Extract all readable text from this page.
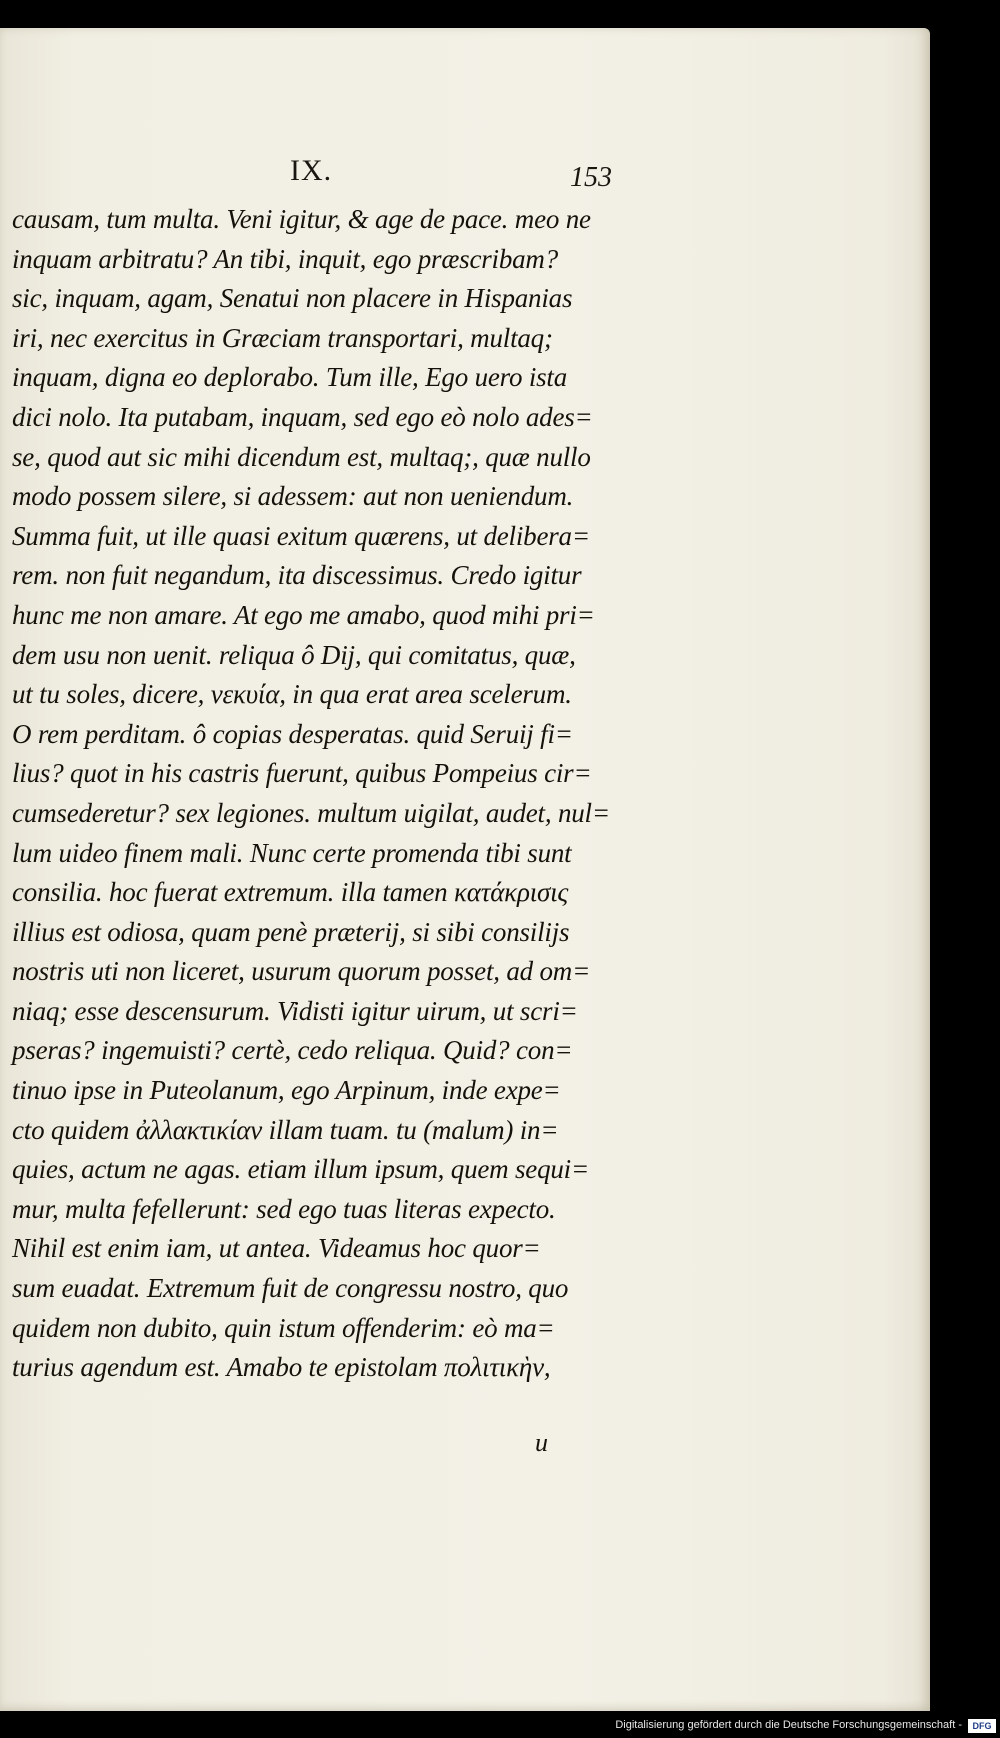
IX.	153
causam, tum multa. Veni igitur, & age de pace. meo ne
inquam arbitratu? An tibi, inquit, ego præscribam?
sic, inquam, agam, Senatui non placere in Hispanias
iri, nec exercitus in Græciam transportari, multaq;
inquam, digna eo deplorabo. Tum ille, Ego uero ista
dici nolo. Ita putabam, inquam, sed ego eò nolo ades=
se, quod aut sic mihi dicendum est, multaq;, quæ nullo
modo possem silere, si adessem: aut non ueniendum.
Summa fuit, ut ille quasi exitum quærens, ut delibera=
rem. non fuit negandum, ita discessimus. Credo igitur
hunc me non amare. At ego me amabo, quod mihi pri=
dem usu non uenit. reliqua ô Dij, qui comitatus, quæ,
ut tu soles, dicere, νεκυία, in qua erat area scelerum.
O rem perditam. ô copias desperatas. quid Seruij fi=
lius? quot in his castris fuerunt, quibus Pompeius cir=
cumsederetur? sex legiones. multum uigilat, audet, nul=
lum uideo finem mali. Nunc certe promenda tibi sunt
consilia. hoc fuerat extremum. illa tamen κατάκρισις
illius est odiosa, quam penè præterij, si sibi consilijs
nostris uti non liceret, usurum quorum posset, ad om=
niaq; esse descensurum. Vidisti igitur uirum, ut scri=
pseras? ingemuisti? certè, cedo reliqua. Quid? con=
tinuo ipse in Puteolanum, ego Arpinum, inde expe=
cto quidem ἀλλακτικίαν illam tuam. tu (malum) in=
quies, actum ne agas. etiam illum ipsum, quem sequi=
mur, multa fefellerunt: sed ego tuas literas expecto.
Nihil est enim iam, ut antea. Videamus hoc quor=
sum euadat. Extremum fuit de congressu nostro, quo
quidem non dubito, quin istum offenderim: eò ma=
turius agendum est. Amabo te epistolam πολιτικὴν,
u
Digitalisierung gefördert durch die Deutsche Forschungsgemeinschaft -	DFG
